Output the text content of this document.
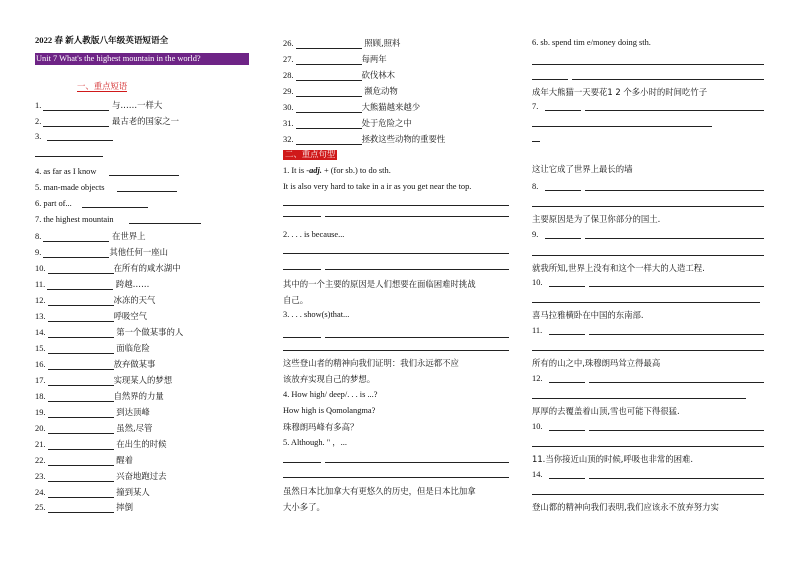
2022 春 新人教版八年级英语短语全
Unit 7 What's the highest mountain in the world?
一、重点短语
1.	与……一样大
2.	最古老的国家之一
3.
4. as far as I know
5. man-made objects
6. part of...
7. the highest mountain
8.	在世界上
9.	其他任何一座山
10.	在所有的咸水湖中
11.	跨越……
12.	冰冻的天气
13.	呼吸空气
14.	第一个做某事的人
15.	面临危险
16.	放弃做某事
17.	实现某人的梦想
18.	自然界的力量
19.	到达顶峰
20.	虽然,尽管
21.	在出生的时候
22.	醒着
23.	兴奋地跑过去
24.	撞到某人
25.	摔倒
26.	照顾,照料
27.	每两年
28.	砍伐林木
29.	濒危动物
30.	大熊猫越来越少
31.	处于危险之中
32.	拯救这些动物的重要性
二、重点句型
1. It is -adj. + (for sb.) to do sth.
It is also very hard to take in a ir as you get near the top.
2. . . . is because...
其中的一个主要的原因是人们想要在面临困难时挑战
自己。
3. . . . show(s)that...
这些登山者的精神向我们证明：我们永远都不应
该放弃实现自己的梦想。
4. How high/ deep/. . . is ...?
How high is Qomolangma?
珠穆朗玛峰有多高？
5. Although. " ，...
虽然日本比加拿大有更悠久的历史，但是日本比加拿
大小多了。
6. sb. spend tim e/money doing sth.
成年大熊猫一天要花1 2 个多小时的时间吃竹子
7.
这让它成了世界上最长的墙
8.
主要原因是为了保卫你部分的国土.
9.
就我所知,世界上没有和这个一样大的人造工程.
10.
喜马拉雅横卧在中国的东南部.
11.
所有的山之中,珠穆朗玛耸立得最高
12.
厚厚的去覆盖着山顶,雪也可能下得很猛.
10.
11.当你接近山顶的时候,呼吸也非常的困难.
14.
登山都的精神向我们表明,我们应该永不放弃努力实
